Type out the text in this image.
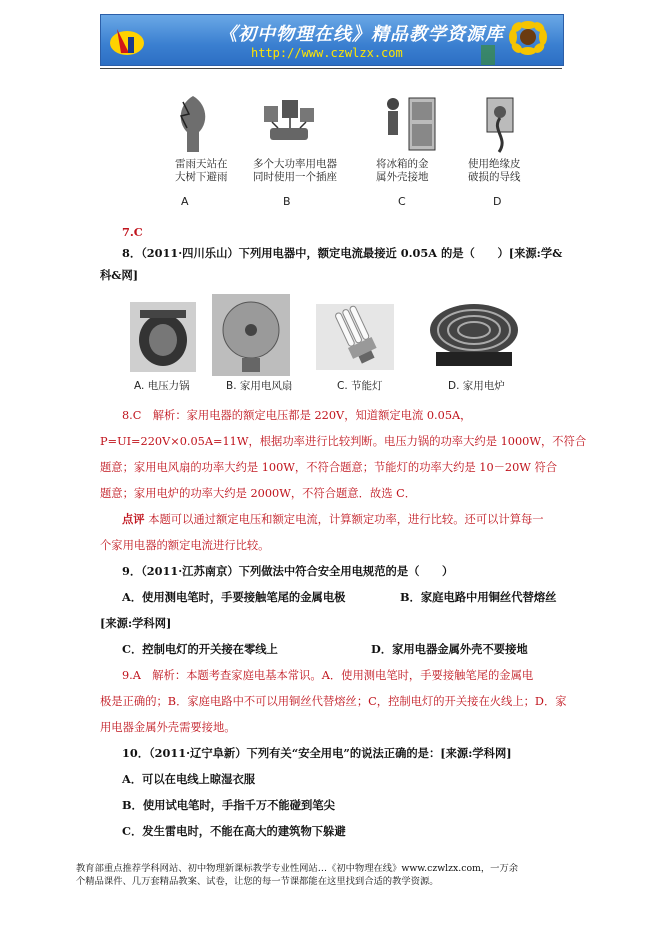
《初中物理在线》精品教学资源库
http://www.czwlzx.com
雷雨天站在
大树下避雨
多个大功率用电器
同时使用一个插座
将冰箱的金
属外壳接地
使用绝缘皮
破损的导线
A	B	C	D
7.C
8．（2011·四川乐山）下列用电器中，额定电流最接近 0.05A 的是（　　）[来源:学&
科&网]
A. 电压力锅	B. 家用电风扇	C. 节能灯	D. 家用电炉
8.C　解析：家用电器的额定电压都是 220V，知道额定电流 0.05A，
P=UI=220V×0.05A=11W，根据功率进行比较判断。电压力锅的功率大约是 1000W，不符合
题意；家用电风扇的功率大约是 100W，不符合题意；节能灯的功率大约是 10－20W 符合
题意；家用电炉的功率大约是 2000W，不符合题意．故选 C．
点评 本题可以通过额定电压和额定电流，计算额定功率，进行比较。还可以计算每一
个家用电器的额定电流进行比较。
9．（2011·江苏南京）下列做法中符合安全用电规范的是（　　）
A．使用测电笔时，手要接触笔尾的金属电极	B．家庭电路中用铜丝代替熔丝
[来源:学科网]
C．控制电灯的开关接在零线上	D．家用电器金属外壳不要接地
9.A　解析：本题考查家庭电基本常识。A．使用测电笔时，手要接触笔尾的金属电
极是正确的；B．家庭电路中不可以用铜丝代替熔丝；C，控制电灯的开关接在火线上；D．家
用电器金属外壳需要接地。
10．（2011·辽宁阜新）下列有关“安全用电”的说法正确的是：[来源:学科网]
A．可以在电线上晾湿衣服
B．使用试电笔时，手指千万不能碰到笔尖
C．发生雷电时，不能在高大的建筑物下躲避
教育部重点推荐学科网站、初中物理新课标教学专业性网站…《初中物理在线》www.czwlzx.com，一万余
个精品课件、几万套精品教案、试卷，让您的每一节课都能在这里找到合适的教学资源。
